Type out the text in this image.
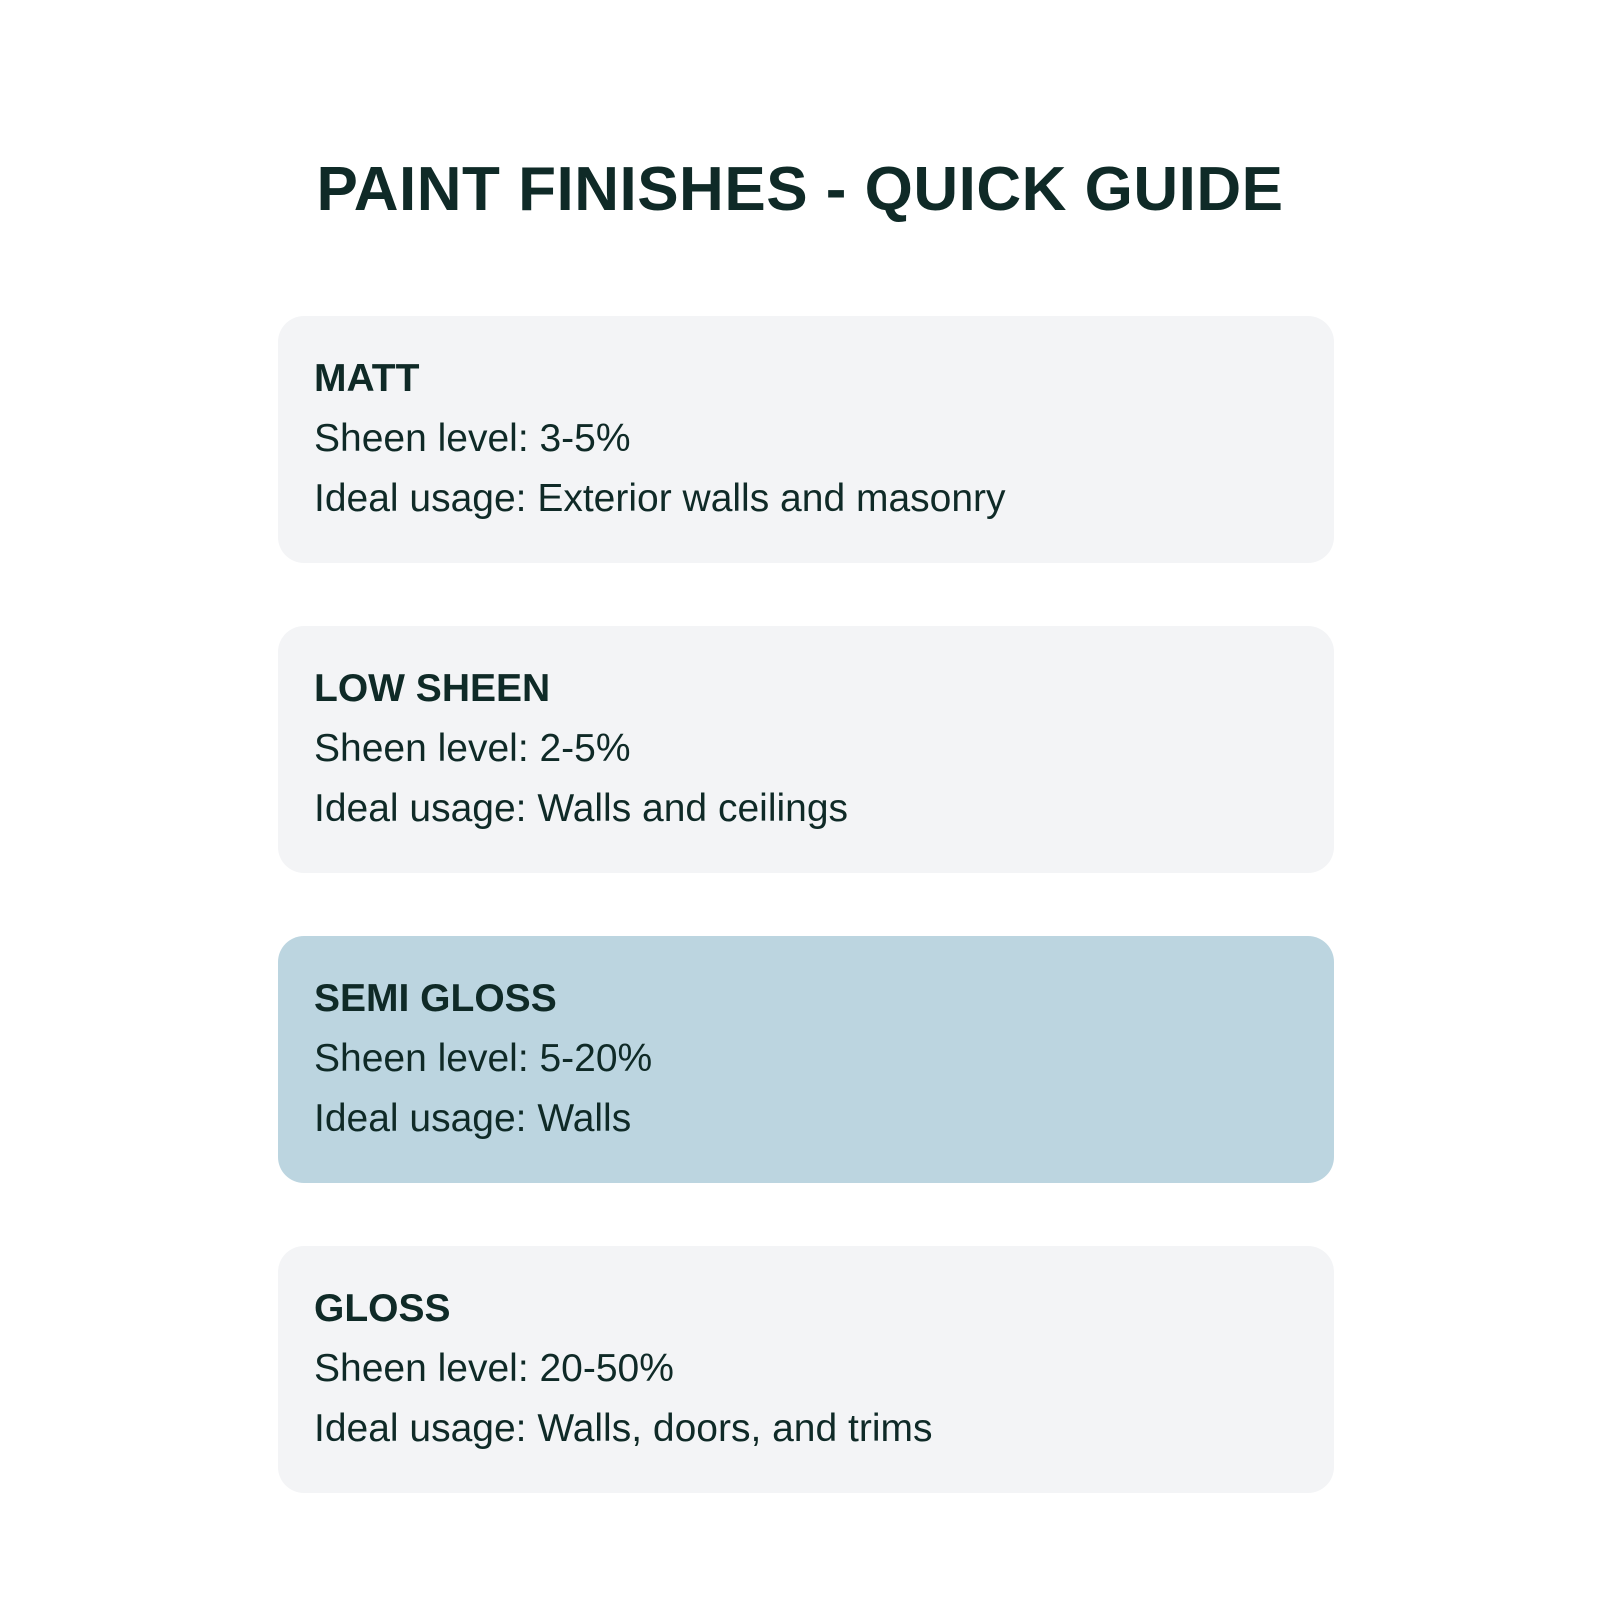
PAINT FINISHES - QUICK GUIDE
MATT
Sheen level: 3-5%
Ideal usage: Exterior walls and masonry
LOW SHEEN
Sheen level: 2-5%
Ideal usage: Walls and ceilings
SEMI GLOSS
Sheen level: 5-20%
Ideal usage: Walls
GLOSS
Sheen level: 20-50%
Ideal usage: Walls, doors, and trims
